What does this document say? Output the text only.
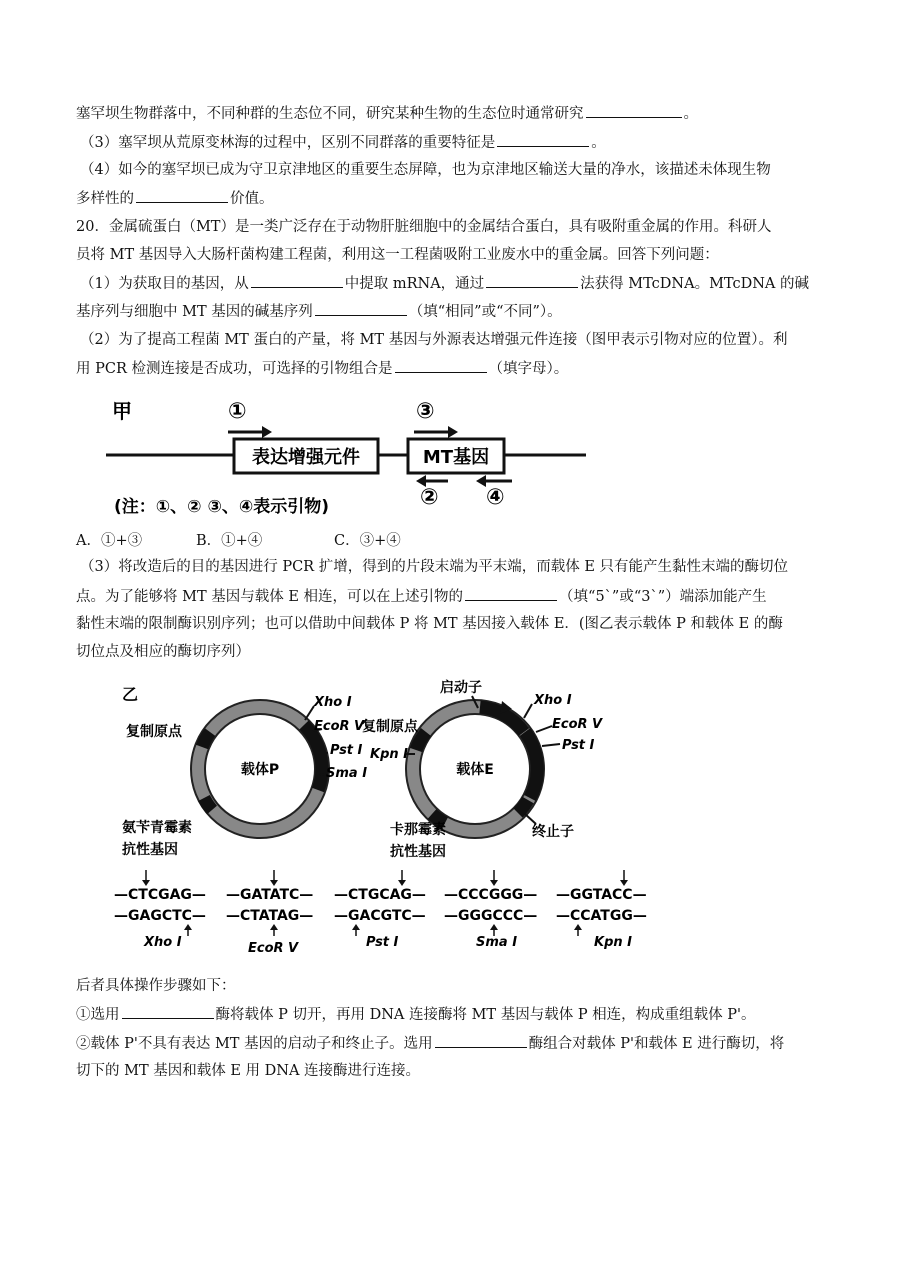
塞罕坝生物群落中，不同种群的生态位不同，研究某种生物的生态位时通常研究	。
（3）塞罕坝从荒原变林海的过程中，区别不同群落的重要特征是	。
（4）如今的塞罕坝已成为守卫京津地区的重要生态屏障，也为京津地区输送大量的净水，该描述未体现生物
多样性的	价值。
20．金属硫蛋白（MT）是一类广泛存在于动物肝脏细胞中的金属结合蛋白，具有吸附重金属的作用。科研人
员将 MT 基因导入大肠杆菌构建工程菌，利用这一工程菌吸附工业废水中的重金属。回答下列问题：
（1）为获取目的基因，从	中提取 mRNA，通过	法获得 MTcDNA。MTcDNA 的碱
基序列与细胞中 MT 基因的碱基序列	（填“相同”或“不同”）。
（2）为了提高工程菌 MT 蛋白的产量，将 MT 基因与外源表达增强元件连接（图甲表示引物对应的位置）。利
用 PCR 检测连接是否成功，可选择的引物组合是	（填字母）。
甲	①	③
表达增强元件	MT基因
② ④
(注：①、② ③、④表示引物)
A．①+③	B．①+④	C．③+④
（3）将改造后的目的基因进行 PCR 扩增，得到的片段末端为平末端，而载体 E 只有能产生黏性末端的酶切位
点。为了能够将 MT 基因与载体 E 相连，可以在上述引物的	（填“5`”或“3`”）端添加能产生
黏性末端的限制酶识别序列；也可以借助中间载体 P 将 MT 基因接入载体 E．(图乙表示载体 P 和载体 E 的酶
切位点及相应的酶切序列）
乙
载体P
复制原点
氨苄青霉素
抗性基因
Xho Ⅰ
EcoR Ⅴ
Pst Ⅰ
Sma Ⅰ	载体E
启动子
复制原点
Kpn Ⅰ
Xho Ⅰ
EcoR Ⅴ
Pst Ⅰ
终止子
卡那霉素
抗性基因
—CTCGAG—
—GAGCTC—
Xho Ⅰ
—GATATC—
—CTATAG—
EcoR Ⅴ
—CTGCAG—
—GACGTC—
Pst Ⅰ
—CCCGGG—
—GGGCCC—
Sma Ⅰ
—GGTACC—
—CCATGG—
Kpn Ⅰ
后者具体操作步骤如下：
①选用	酶将载体 P 切开，再用 DNA 连接酶将 MT 基因与载体 P 相连，构成重组载体 P'。
②载体 P'不具有表达 MT 基因的启动子和终止子。选用	酶组合对载体 P'和载体 E 进行酶切，将
切下的 MT 基因和载体 E 用 DNA 连接酶进行连接。
